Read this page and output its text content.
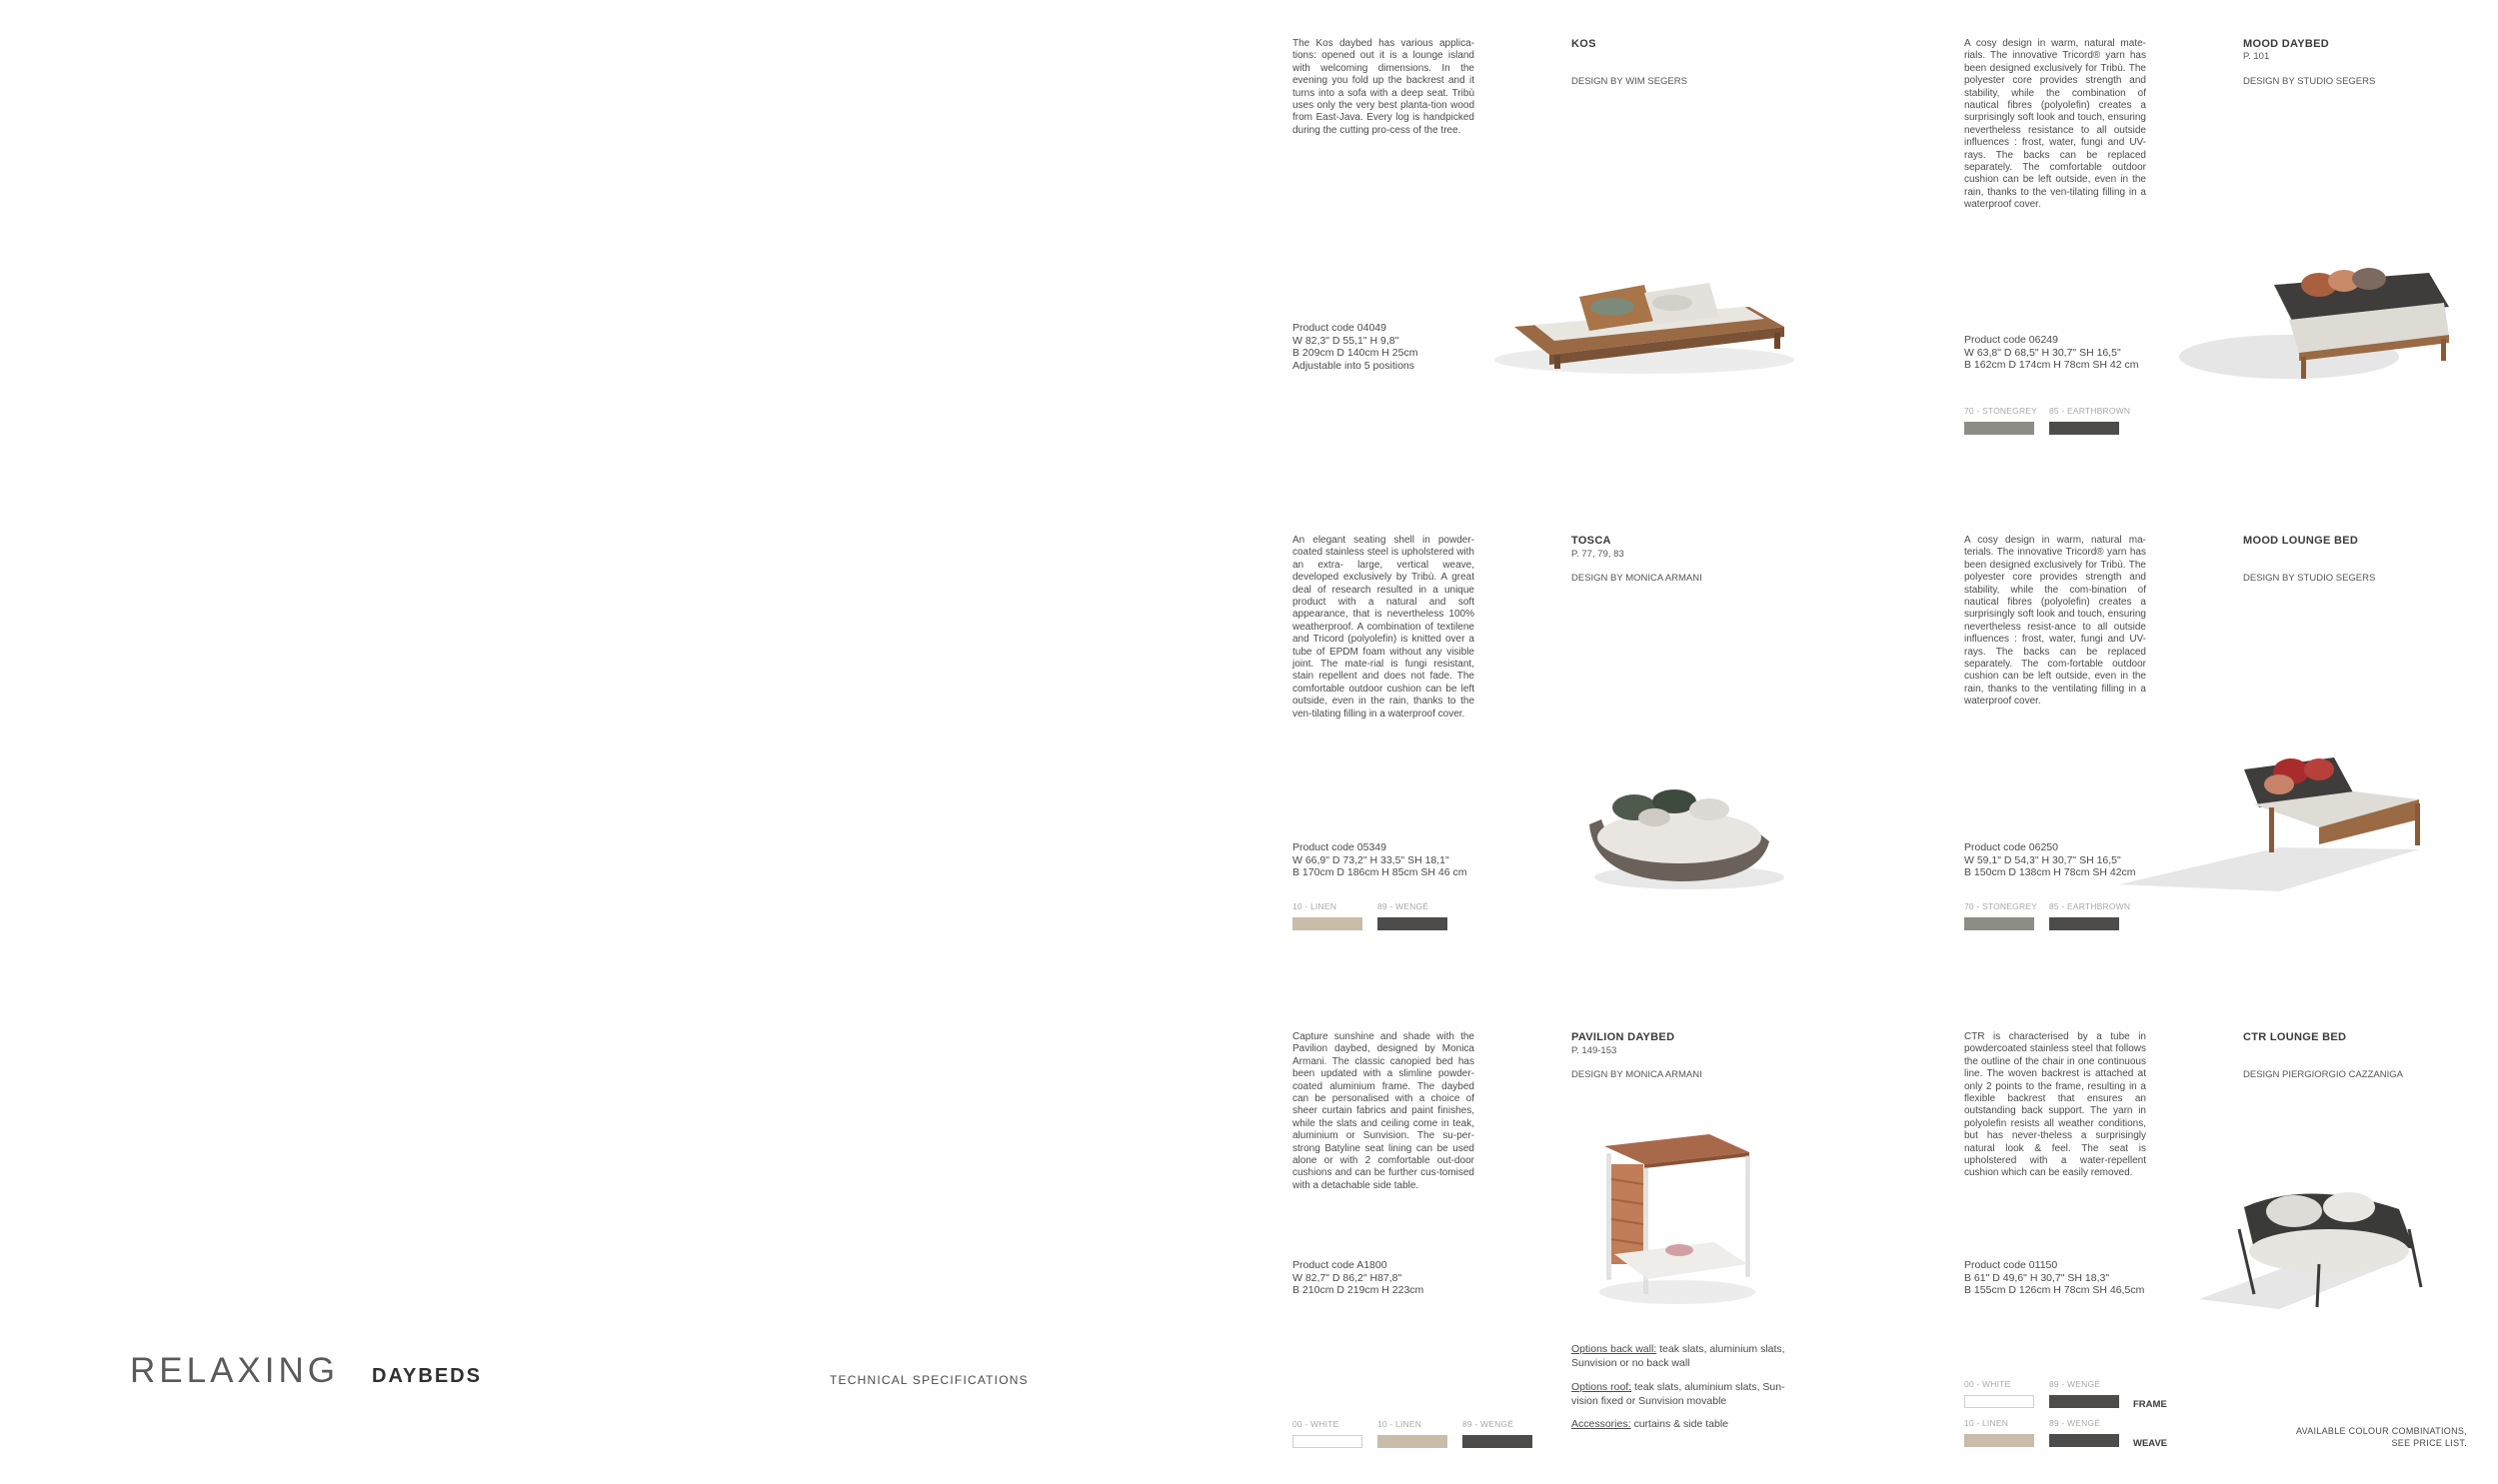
RELAXING DAYBEDS	TECHNICAL SPECIFICATIONS
The Kos daybed has various applica-tions: opened out it is a lounge island with welcoming dimensions. In the evening you fold up the backrest and it turns into a sofa with a deep seat. Tribù uses only the very best planta-tion wood from East-Java. Every log is handpicked during the cutting pro-cess of the tree.
KOS
DESIGN BY WIM SEGERS
Product code 04049
W 82,3" D 55,1" H 9,8"
B 209cm D 140cm H 25cm
Adjustable into 5 positions
A cosy design in warm, natural mate-rials. The innovative Tricord® yarn has been designed exclusively for Tribù. The polyester core provides strength and stability, while the combination of nautical fibres (polyolefin) creates a surprisingly soft look and touch, ensuring nevertheless resistance to all outside influences : frost, water, fungi and UV-rays. The backs can be replaced separately. The comfortable outdoor cushion can be left outside, even in the rain, thanks to the ven-tilating filling in a waterproof cover.
MOOD DAYBED
P. 101
DESIGN BY STUDIO SEGERS
Product code 06249
W 63,8" D 68,5" H 30,7" SH 16,5"
B 162cm D 174cm H 78cm SH 42 cm
70 - STONEGREY 85 - EARTHBROWN
An elegant seating shell in powder-coated stainless steel is upholstered with an extra- large, vertical weave, developed exclusively by Tribù. A great deal of research resulted in a unique product with a natural and soft appearance, that is nevertheless 100% weatherproof. A combination of textilene and Tricord (polyolefin) is knitted over a tube of EPDM foam without any visible joint. The mate-rial is fungi resistant, stain repellent and does not fade. The comfortable outdoor cushion can be left outside, even in the rain, thanks to the ven-tilating filling in a waterproof cover.
TOSCA
P. 77, 79, 83
DESIGN BY MONICA ARMANI
Product code 05349
W 66,9" D 73,2" H 33,5" SH 18,1"
B 170cm D 186cm H 85cm SH 46 cm
10 - LINEN	89 - WENGÉ
A cosy design in warm, natural ma-terials. The innovative Tricord® yarn has been designed exclusively for Tribù. The polyester core provides strength and stability, while the com-bination of nautical fibres (polyolefin) creates a surprisingly soft look and touch, ensuring nevertheless resist-ance to all outside influences : frost, water, fungi and UV-rays. The backs can be replaced separately. The com-fortable outdoor cushion can be left outside, even in the rain, thanks to the ventilating filling in a waterproof cover.
MOOD LOUNGE BED
DESIGN BY STUDIO SEGERS
Product code 06250
W 59,1" D 54,3" H 30,7" SH 16,5"
B 150cm D 138cm H 78cm SH 42cm
70 - STONEGREY 85 - EARTHBROWN
Capture sunshine and shade with the Pavilion daybed, designed by Monica Armani. The classic canopied bed has been updated with a slimline powder-coated aluminium frame. The daybed can be personalised with a choice of sheer curtain fabrics and paint finishes, while the slats and ceiling come in teak, aluminium or Sunvision. The su-per-strong Batyline seat lining can be used alone or with 2 comfortable out-door cushions and can be further cus-tomised with a detachable side table.
PAVILION DAYBED
P. 149-153
DESIGN BY MONICA ARMANI
Product code A1800
W 82,7" D 86,2" H87,8"
B 210cm D 219cm H 223cm
Options back wall: teak slats, aluminium slats, Sunvision or no back wall
Options roof: teak slats, aluminium slats, Sun-vision fixed or Sunvision movable
Accessories: curtains & side table
00 - WHITE	10 - LINEN	89 - WENGÉ
CTR is characterised by a tube in powdercoated stainless steel that follows the outline of the chair in one continuous line. The woven backrest is attached at only 2 points to the frame, resulting in a flexible backrest that ensures an outstanding back support. The yarn in polyolefin resists all weather conditions, but has never-theless a surprisingly natural look & feel. The seat is upholstered with a water-repellent cushion which can be easily removed.
CTR LOUNGE BED
DESIGN PIERGIORGIO CAZZANIGA
Product code 01150
B 61" D 49,6" H 30,7" SH 18,3"
B 155cm D 126cm H 78cm SH 46,5cm
00 - WHITE	89 - WENGÉ
FRAME
10 - LINEN	89 - WENGÉ
WEAVE
AVAILABLE COLOUR COMBINATIONS,
SEE PRICE LIST.
